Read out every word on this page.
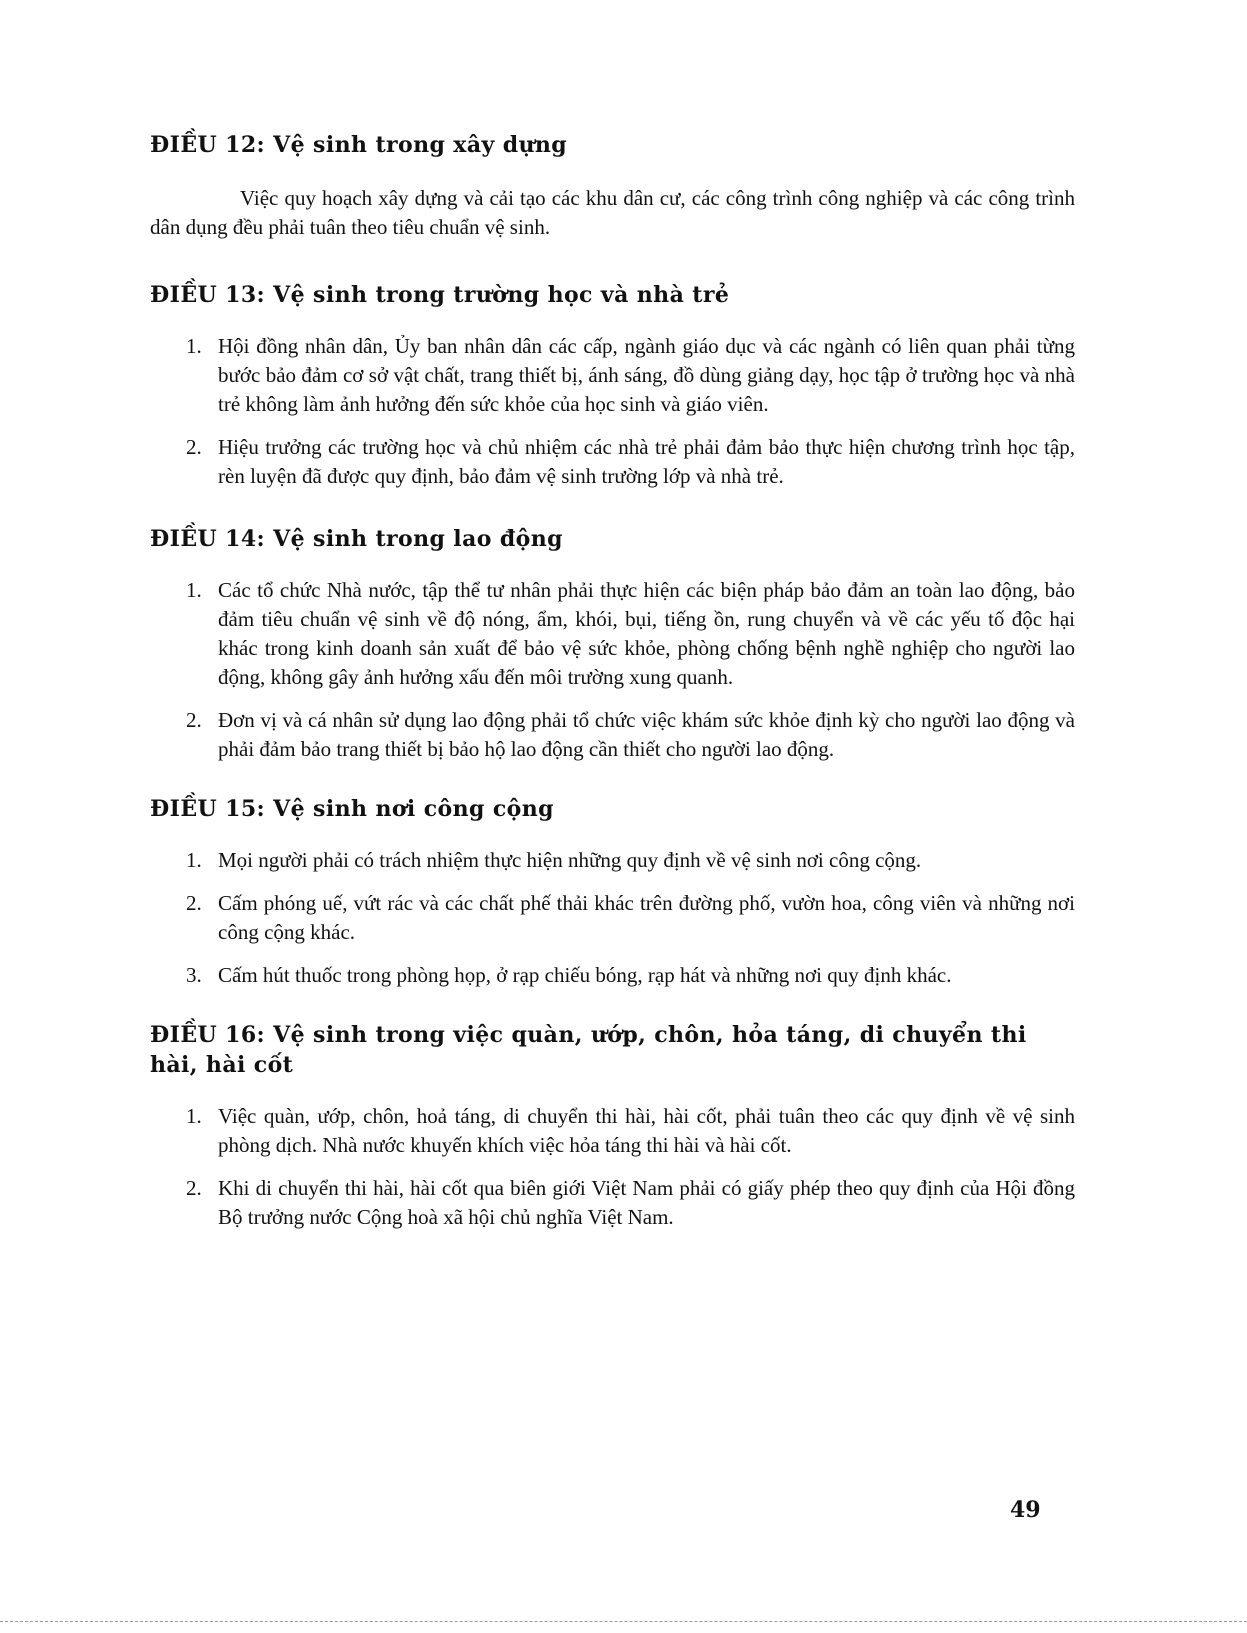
ĐIỀU 12: Vệ sinh trong xây dựng

Việc quy hoạch xây dựng và cải tạo các khu dân cư, các công trình công nghiệp và các công trình dân dụng đều phải tuân theo tiêu chuẩn vệ sinh.

ĐIỀU 13: Vệ sinh trong trường học và nhà trẻ
1. Hội đồng nhân dân, Ủy ban nhân dân các cấp, ngành giáo dục và các ngành có liên quan phải từng bước bảo đảm cơ sở vật chất, trang thiết bị, ánh sáng, đồ dùng giảng dạy, học tập ở trường học và nhà trẻ không làm ảnh hưởng đến sức khỏe của học sinh và giáo viên.
2. Hiệu trưởng các trường học và chủ nhiệm các nhà trẻ phải đảm bảo thực hiện chương trình học tập, rèn luyện đã được quy định, bảo đảm vệ sinh trường lớp và nhà trẻ.
ĐIỀU 14: Vệ sinh trong lao động
1. Các tổ chức Nhà nước, tập thể tư nhân phải thực hiện các biện pháp bảo đảm an toàn lao động, bảo đảm tiêu chuẩn vệ sinh về độ nóng, ẩm, khói, bụi, tiếng ồn, rung chuyển và về các yếu tố độc hại khác trong kinh doanh sản xuất để bảo vệ sức khỏe, phòng chống bệnh nghề nghiệp cho người lao động, không gây ảnh hưởng xấu đến môi trường xung quanh.
2. Đơn vị và cá nhân sử dụng lao động phải tổ chức việc khám sức khỏe định kỳ cho người lao động và phải đảm bảo trang thiết bị bảo hộ lao động cần thiết cho người lao động.
ĐIỀU 15: Vệ sinh nơi công cộng
1. Mọi người phải có trách nhiệm thực hiện những quy định về vệ sinh nơi công cộng.
2. Cấm phóng uế, vứt rác và các chất phế thải khác trên đường phố, vườn hoa, công viên và những nơi công cộng khác.
3. Cấm hút thuốc trong phòng họp, ở rạp chiếu bóng, rạp hát và những nơi quy định khác.
ĐIỀU 16: Vệ sinh trong việc quàn, ướp, chôn, hỏa táng, di chuyển thi hài, hài cốt
1. Việc quàn, ướp, chôn, hoả táng, di chuyển thi hài, hài cốt, phải tuân theo các quy định về vệ sinh phòng dịch. Nhà nước khuyến khích việc hỏa táng thi hài và hài cốt.
2. Khi di chuyển thi hài, hài cốt qua biên giới Việt Nam phải có giấy phép theo quy định của Hội đồng Bộ trưởng nước Cộng hoà xã hội chủ nghĩa Việt Nam.
49
